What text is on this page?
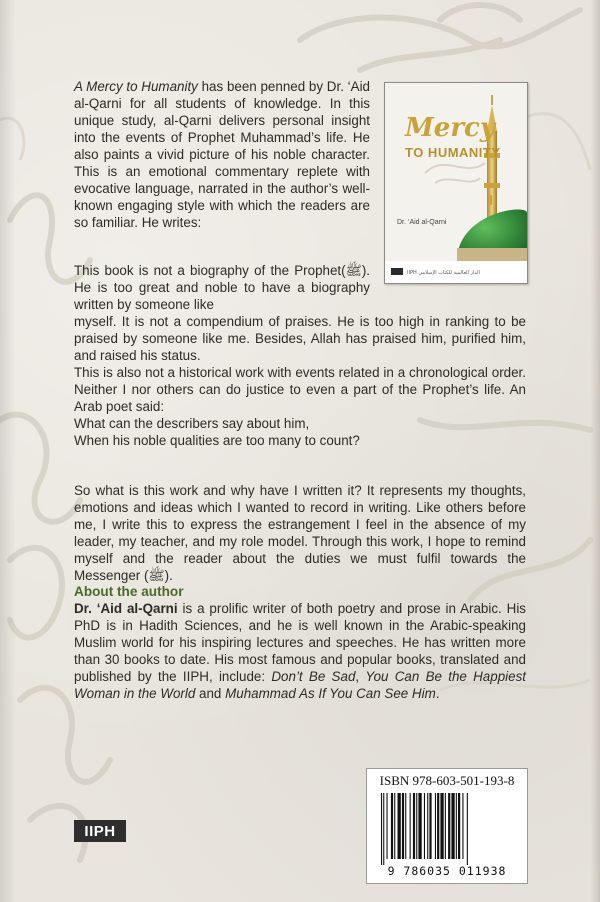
A Mercy to Humanity has been penned by Dr. ‘Aid al-Qarni for all students of knowledge. In this unique study, al-Qarni delivers personal insight into the events of Prophet Muhammad’s life. He also paints a vivid picture of his noble character. This is an emotional commentary replete with evocative language, narrated in the author’s well-known engaging style with which the readers are so familiar. He writes:

This book is not a biography of the Prophet(ﷺ). He is too great and noble to have a biography written by someone like

myself. It is not a compendium of praises. He is too high in ranking to be praised by someone like me. Besides, Allah has praised him, purified him, and raised his status.

This is also not a historical work with events related in a chronological order. Neither I nor others can do justice to even a part of the Prophet’s life. An Arab poet said:

What can the describers say about him,

When his noble qualities are too many to count?

So what is this work and why have I written it? It represents my thoughts, emotions and ideas which I wanted to record in writing. Like others before me, I write this to express the estrangement I feel in the absence of my leader, my teacher, and my role model. Through this work, I hope to remind myself and the reader about the duties we must fulfil towards the Messenger (ﷺ).

About the author

Dr. ‘Aid al-Qarni is a prolific writer of both poetry and prose in Arabic. His PhD is in Hadith Sciences, and he is well known in the Arabic-speaking Muslim world for his inspiring lectures and speeches. He has written more than 30 books to date. His most famous and popular books, translated and published by the IIPH, include: Don’t Be Sad, You Can Be the Happiest Woman in the World and Muhammad As If You Can See Him.

Mercy
TO HUMANITY
Dr. ‘Aid al-Qarni
IIPH الدار العالمية للكتاب الإسلامي
ISBN 978-603-501-193-8
9 786035 011938
IIPH
